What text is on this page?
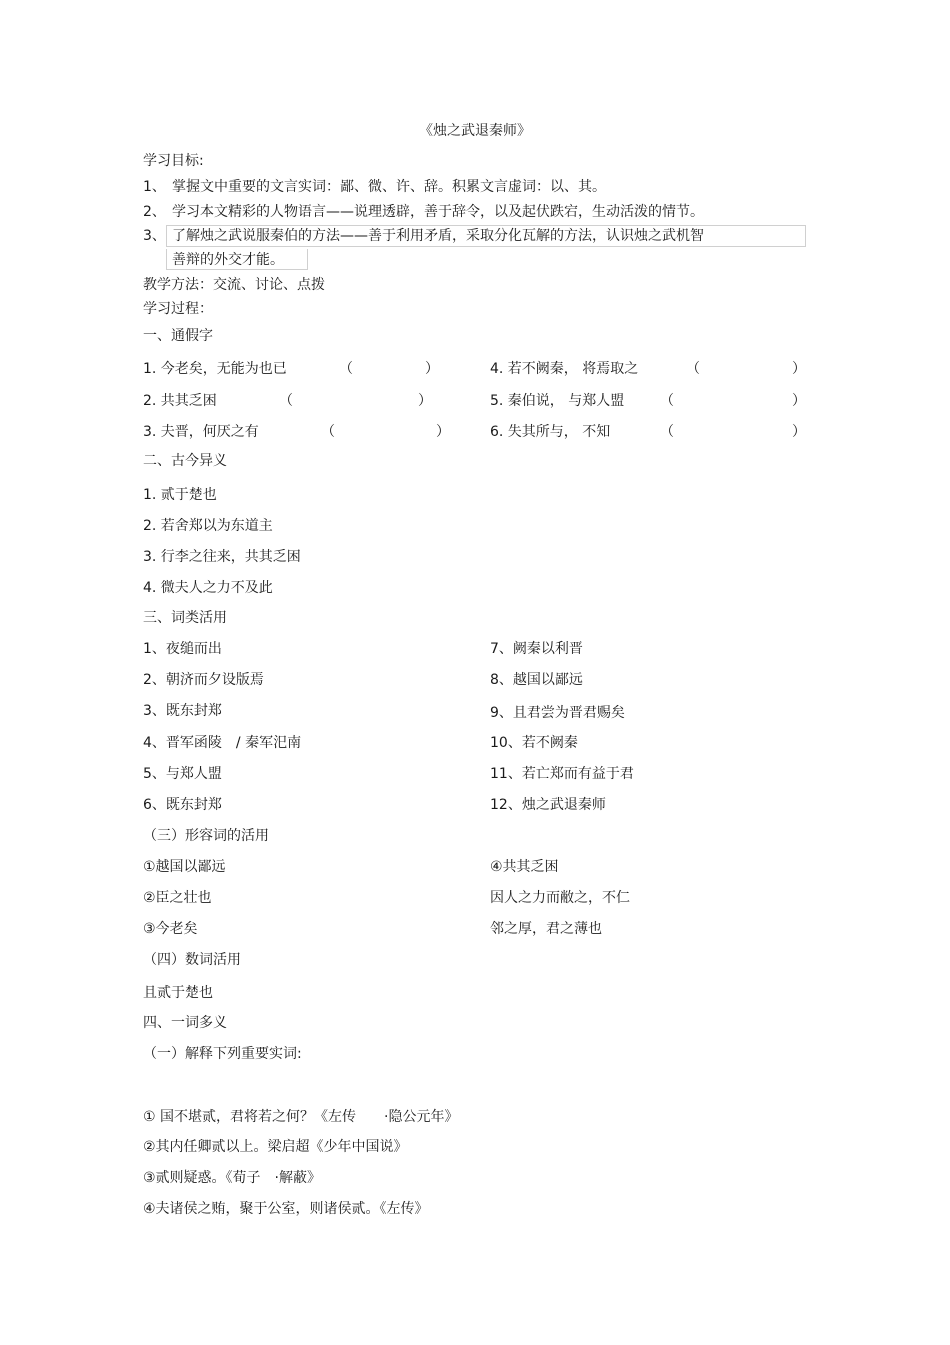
《烛之武退秦师》
学习目标:
1、 掌握文中重要的文言实词：鄙、微、许、辞。积累文言虚词：以、其。
2、 学习本文精彩的人物语言——说理透辟，善于辞令，以及起伏跌宕，生动活泼的情节。
3、 了解烛之武说服秦伯的方法——善于利用矛盾，采取分化瓦解的方法，认识烛之武机智
善辩的外交才能。
教学方法：交流、讨论、点拨
学习过程：
一、通假字
1. 今老矣，无能为也已	（	）	4. 若不阙秦， 将焉取之	（	）
2. 共其乏困	（	）	5. 秦伯说， 与郑人盟	（	）
3. 夫晋，何厌之有	（	）	6. 失其所与， 不知	（	）
二、古今异义
1. 贰于楚也
2. 若舍郑以为东道主
3. 行李之往来，共其乏困
4. 微夫人之力不及此
三、词类活用
1、夜缒而出	7、阙秦以利晋
2、朝济而夕设版焉	8、越国以鄙远
3、既东封郑	9、且君尝为晋君赐矣
4、晋军函陵　/ 秦军汜南	10、若不阙秦
5、与郑人盟	11、若亡郑而有益于君
6、既东封郑	12、烛之武退秦师
（三）形容词的活用
①越国以鄙远	④共其乏困
②臣之壮也	因人之力而敝之，不仁
③今老矣	邻之厚，君之薄也
（四）数词活用
且贰于楚也
四、一词多义
（一）解释下列重要实词:
① 国不堪贰，君将若之何？《左传　　·隐公元年》
②其内任卿贰以上。梁启超《少年中国说》
③贰则疑惑。《荀子　·解蔽》
④夫诸侯之贿，聚于公室，则诸侯贰。《左传》
